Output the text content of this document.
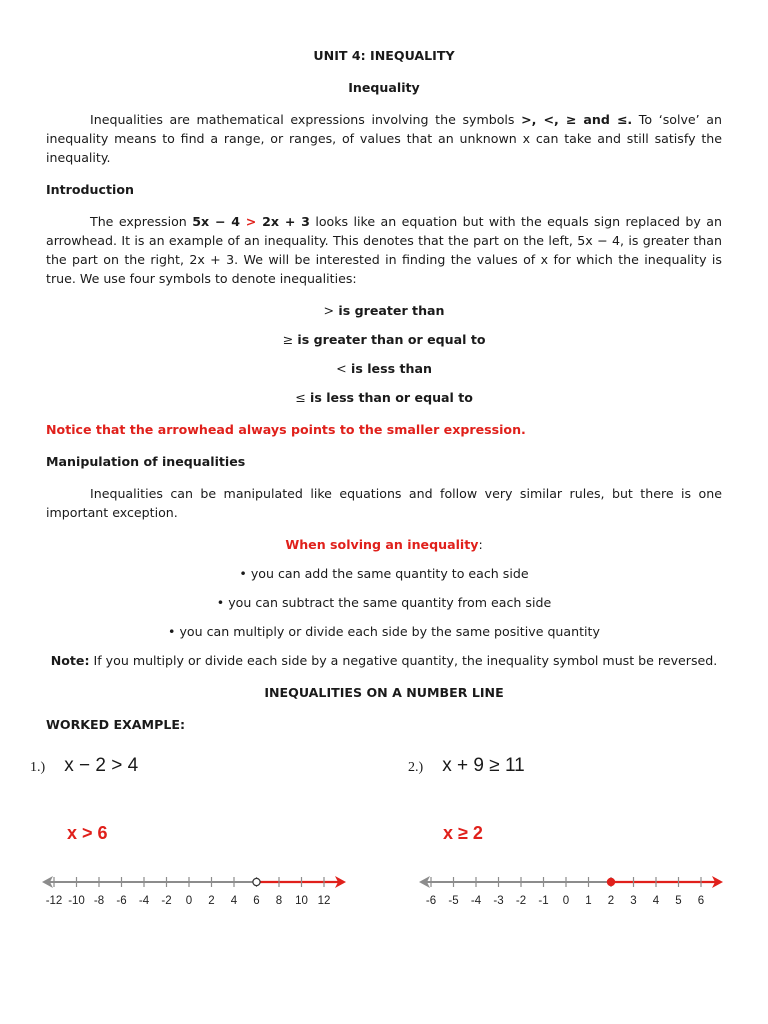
UNIT 4: INEQUALITY

Inequality

Inequalities are mathematical expressions involving the symbols >, <, ≥ and ≤. To ‘solve’ an inequality means to find a range, or ranges, of values that an unknown x can take and still satisfy the inequality.

Introduction

The expression 5x − 4 > 2x + 3 looks like an equation but with the equals sign replaced by an arrowhead. It is an example of an inequality. This denotes that the part on the left, 5x − 4, is greater than the part on the right, 2x + 3. We will be interested in finding the values of x for which the inequality is true. We use four symbols to denote inequalities:

> is greater than

≥ is greater than or equal to

< is less than

≤ is less than or equal to

Notice that the arrowhead always points to the smaller expression.

Manipulation of inequalities

Inequalities can be manipulated like equations and follow very similar rules, but there is one important exception.

When solving an inequality:

• you can add the same quantity to each side

• you can subtract the same quantity from each side

• you can multiply or divide each side by the same positive quantity

Note: If you multiply or divide each side by a negative quantity, the inequality symbol must be reversed.

INEQUALITIES ON A NUMBER LINE

WORKED EXAMPLE:

1.) x − 2 > 4
x > 6
-12 -10 -8 -6 -4 -2 0 2 4 6 8 10 12
2.) x + 9 ≥ 11
x ≥ 2
-6 -5 -4 -3 -2 -1 0 1 2 3 4 5 6
